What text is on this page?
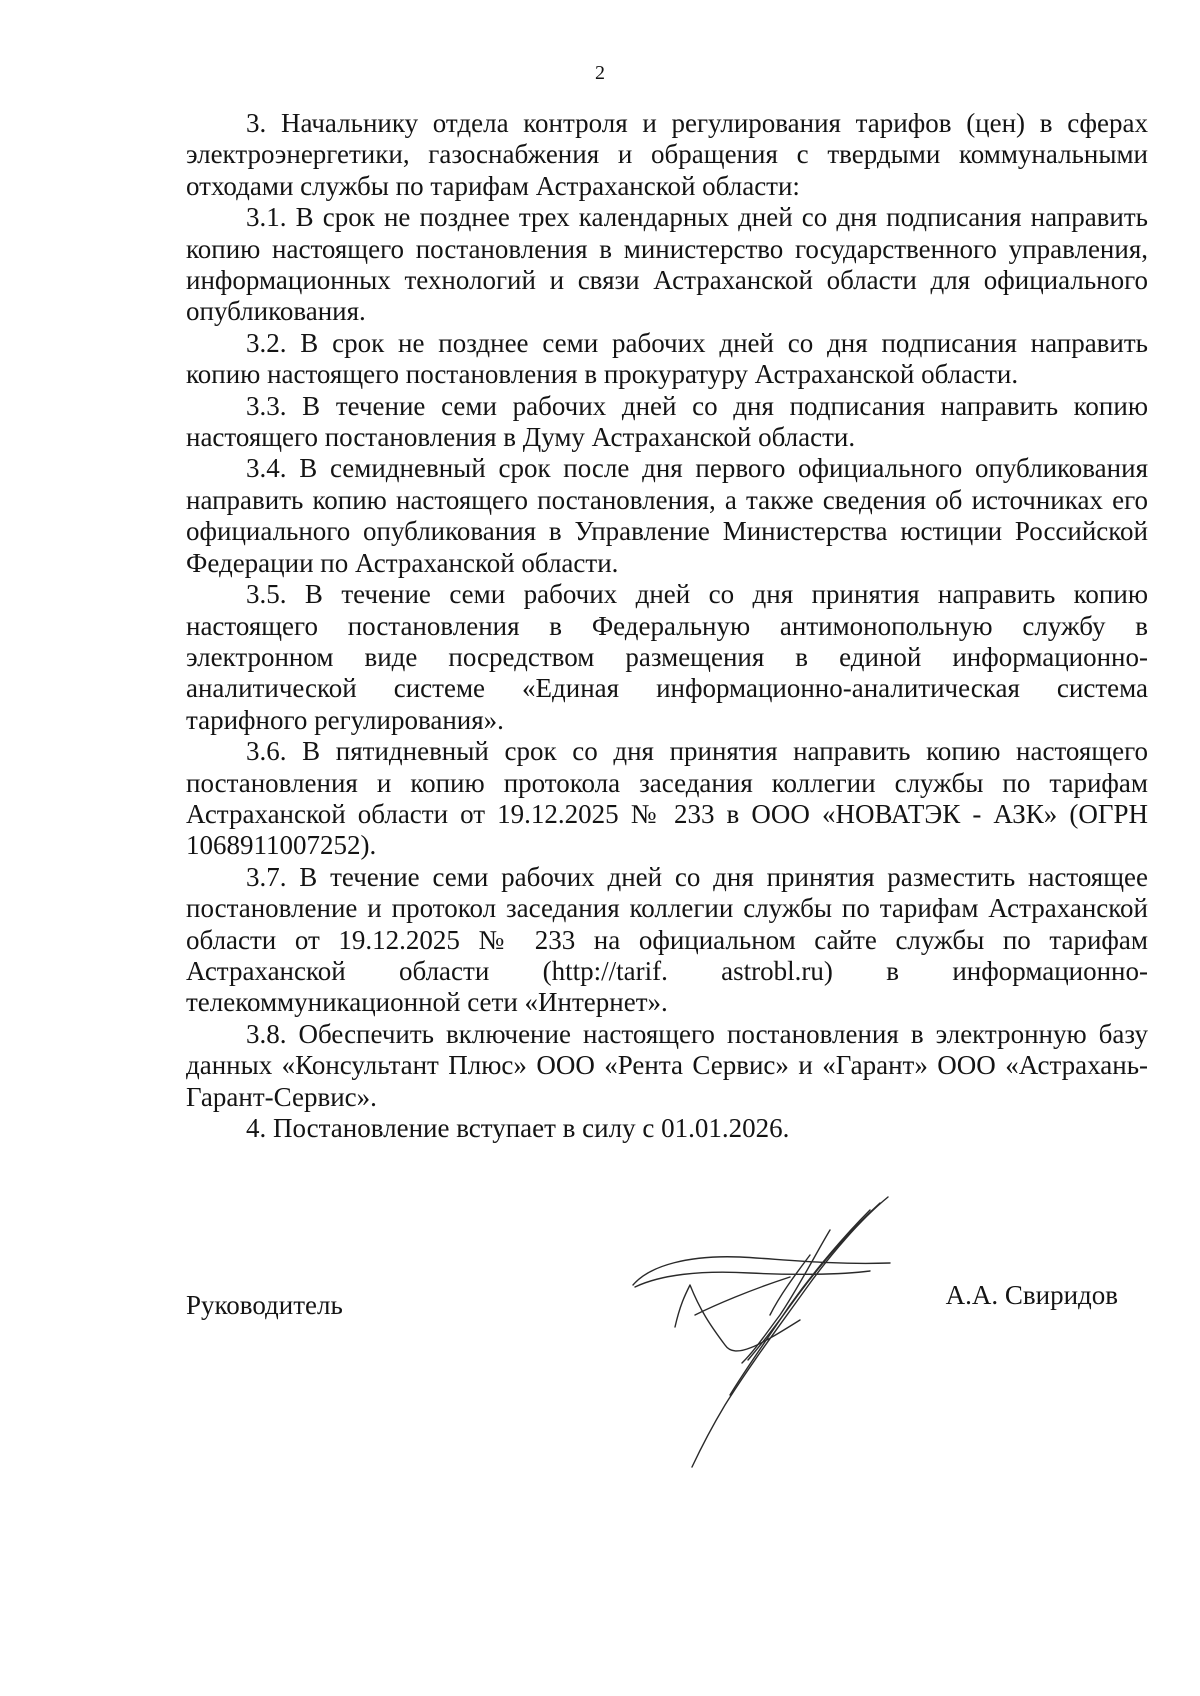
2

3. Начальнику отдела контроля и регулирования тарифов (цен) в сферах электроэнергетики, газоснабжения и обращения с твердыми коммунальными отходами службы по тарифам Астраханской области:

3.1. В срок не позднее трех календарных дней со дня подписания направить копию настоящего постановления в министерство государственного управления, информационных технологий и связи Астраханской области для официального опубликования.

3.2. В срок не позднее семи рабочих дней со дня подписания направить копию настоящего постановления в прокуратуру Астраханской области.

3.3. В течение семи рабочих дней со дня подписания направить копию настоящего постановления в Думу Астраханской области.

3.4. В семидневный срок после дня первого официального опубликования направить копию настоящего постановления, а также сведения об источниках его официального опубликования в Управление Министерства юстиции Российской Федерации по Астраханской области.

3.5. В течение семи рабочих дней со дня принятия направить копию настоящего постановления в Федеральную антимонопольную службу в электронном виде посредством размещения в единой информационно-аналитической системе «Единая информационно-аналитическая система тарифного регулирования».

3.6. В пятидневный срок со дня принятия направить копию настоящего постановления и копию протокола заседания коллегии службы по тарифам Астраханской области от 19.12.2025 № 233 в ООО «НОВАТЭК - АЗК» (ОГРН 1068911007252).

3.7. В течение семи рабочих дней со дня принятия разместить настоящее постановление и протокол заседания коллегии службы по тарифам Астраханской области от 19.12.2025 № 233 на официальном сайте службы по тарифам Астраханской области (http://tarif. astrobl.ru) в информационно-телекоммуникационной сети «Интернет».

3.8. Обеспечить включение настоящего постановления в электронную базу данных «Консультант Плюс» ООО «Рента Сервис» и «Гарант» ООО «Астрахань-Гарант-Сервис».

4. Постановление вступает в силу с 01.01.2026.

Руководитель	А.А. Свиридов
